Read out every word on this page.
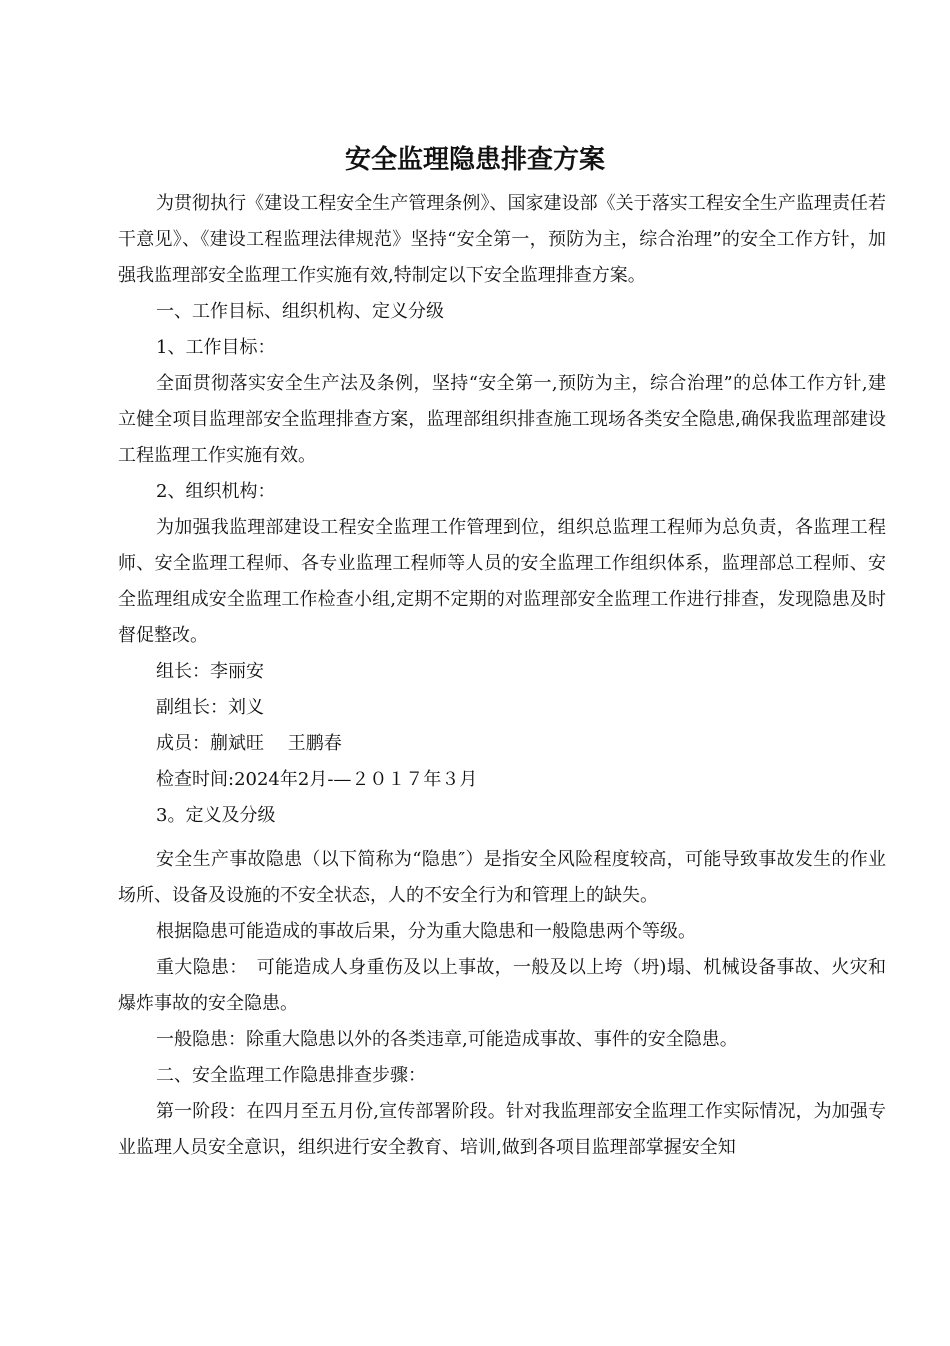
安全监理隐患排查方案

为贯彻执行《建设工程安全生产管理条例》、国家建设部《关于落实工程安全生产监理责任若干意见》、《建设工程监理法律规范》坚持“安全第一，预防为主，综合治理”的安全工作方针，加强我监理部安全监理工作实施有效,特制定以下安全监理排查方案。

一、工作目标、组织机构、定义分级

1、工作目标：

全面贯彻落实安全生产法及条例，坚持“安全第一,预防为主，综合治理”的总体工作方针,建立健全项目监理部安全监理排查方案，监理部组织排查施工现场各类安全隐患,确保我监理部建设工程监理工作实施有效。

2、组织机构：

为加强我监理部建设工程安全监理工作管理到位，组织总监理工程师为总负责，各监理工程师、安全监理工程师、各专业监理工程师等人员的安全监理工作组织体系，监理部总工程师、安全监理组成安全监理工作检查小组,定期不定期的对监理部安全监理工作进行排查，发现隐患及时督促整改。

组长：李丽安

副组长：刘义

成员：蒯斌旺　 王鹏春

检查时间:2024年2月-—２０１７年３月

3。定义及分级

安全生产事故隐患（以下简称为“隐患″）是指安全风险程度较高，可能导致事故发生的作业场所、设备及设施的不安全状态，人的不安全行为和管理上的缺失。

根据隐患可能造成的事故后果，分为重大隐患和一般隐患两个等级。

重大隐患：　可能造成人身重伤及以上事故，一般及以上垮（坍)塌、机械设备事故、火灾和爆炸事故的安全隐患。

一般隐患：除重大隐患以外的各类违章,可能造成事故、事件的安全隐患。

二、安全监理工作隐患排查步骤：

第一阶段：在四月至五月份,宣传部署阶段。针对我监理部安全监理工作实际情况，为加强专业监理人员安全意识，组织进行安全教育、培训,做到各项目监理部掌握安全知
